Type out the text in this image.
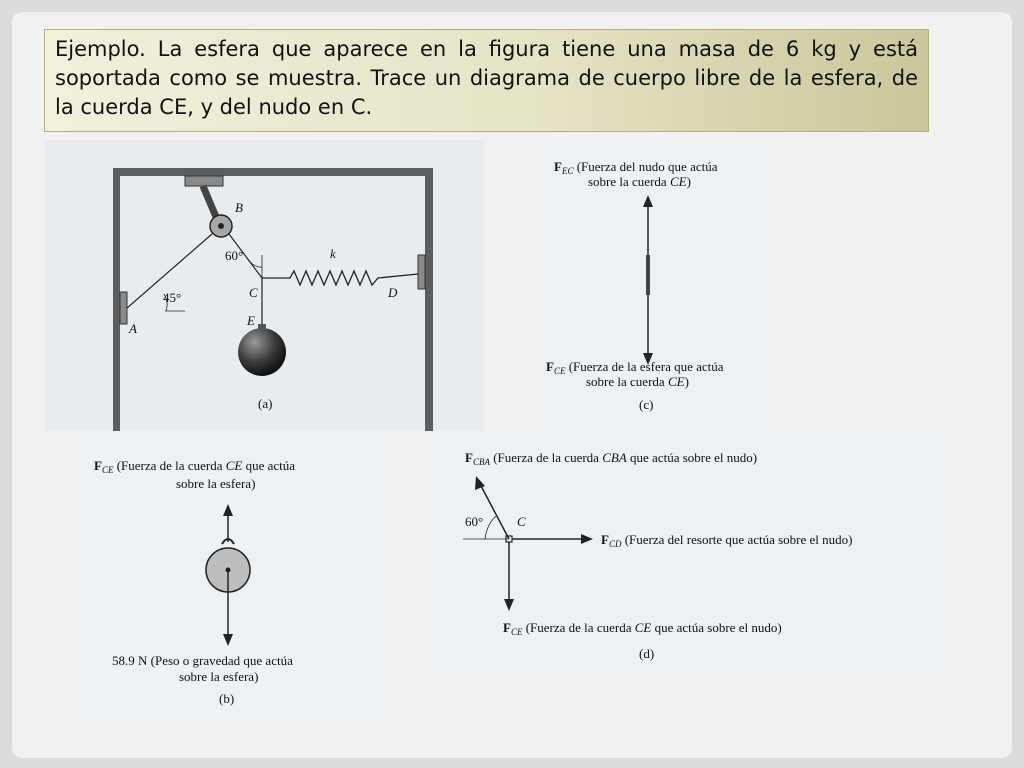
Ejemplo. La esfera que aparece en la figura tiene una masa de 6 kg y está soportada como se muestra. Trace un diagrama de cuerpo libre de la esfera, de la cuerda CE, y del nudo en C.
B
60°
45°	C
k
D
E
A
(a)
$F_{EC}$ (Fuerza del nudo que actúa
sobre la cuerda CE)
$F_{CE}$ (Fuerza de la esfera que actúa
sobre la cuerda CE)
(c)
$F_{CE}$ (Fuerza de la cuerda CE que actúa
sobre la esfera)
58.9 N (Peso o gravedad que actúa
sobre la esfera)
(b)
$F_{CBA}$ (Fuerza de la cuerda CBA que actúa sobre el nudo)
60°	C
$F_{CD}$ (Fuerza del resorte que actúa sobre el nudo)
$F_{CE}$ (Fuerza de la cuerda CE que actúa sobre el nudo)
(d)
